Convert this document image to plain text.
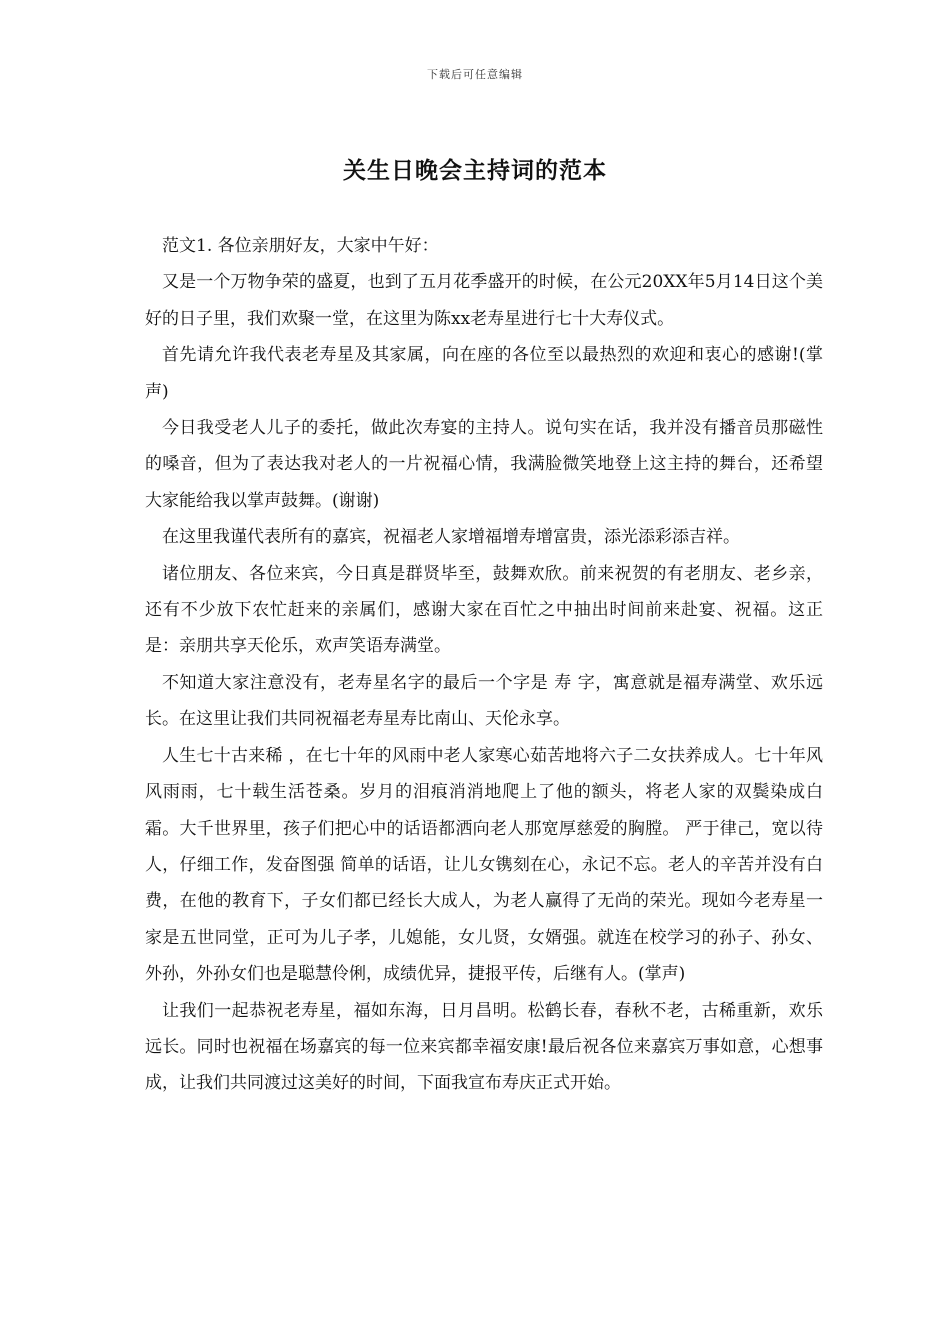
下载后可任意编辑
关生日晚会主持词的范本

范文1. 各位亲朋好友，大家中午好：

又是一个万物争荣的盛夏，也到了五月花季盛开的时候，在公元20XX年5月14日这个美好的日子里，我们欢聚一堂，在这里为陈xx老寿星进行七十大寿仪式。

首先请允许我代表老寿星及其家属，向在座的各位至以最热烈的欢迎和衷心的感谢!(掌声)

今日我受老人儿子的委托，做此次寿宴的主持人。说句实在话，我并没有播音员那磁性的嗓音，但为了表达我对老人的一片祝福心情，我满脸微笑地登上这主持的舞台，还希望大家能给我以掌声鼓舞。(谢谢)

在这里我谨代表所有的嘉宾，祝福老人家增福增寿增富贵，添光添彩添吉祥。

诸位朋友、各位来宾，今日真是群贤毕至，鼓舞欢欣。前来祝贺的有老朋友、老乡亲，还有不少放下农忙赶来的亲属们，感谢大家在百忙之中抽出时间前来赴宴、祝福。这正是：亲朋共享天伦乐，欢声笑语寿满堂。

不知道大家注意没有，老寿星名字的最后一个字是 寿 字，寓意就是福寿满堂、欢乐远长。在这里让我们共同祝福老寿星寿比南山、天伦永享。

人生七十古来稀 ，在七十年的风雨中老人家寒心茹苦地将六子二女扶养成人。七十年风风雨雨，七十载生活苍桑。岁月的泪痕消消地爬上了他的额头，将老人家的双鬓染成白霜。大千世界里，孩子们把心中的话语都洒向老人那宽厚慈爱的胸膛。 严于律己，宽以待人，仔细工作，发奋图强 简单的话语，让儿女镌刻在心，永记不忘。老人的辛苦并没有白费，在他的教育下，子女们都已经长大成人，为老人赢得了无尚的荣光。现如今老寿星一家是五世同堂，正可为儿子孝，儿媳能，女儿贤，女婿强。就连在校学习的孙子、孙女、外孙，外孙女们也是聪慧伶俐，成绩优异，捷报平传，后继有人。(掌声)

让我们一起恭祝老寿星，福如东海，日月昌明。松鹤长春，春秋不老，古稀重新，欢乐远长。同时也祝福在场嘉宾的每一位来宾都幸福安康!最后祝各位来嘉宾万事如意，心想事成，让我们共同渡过这美好的时间，下面我宣布寿庆正式开始。
